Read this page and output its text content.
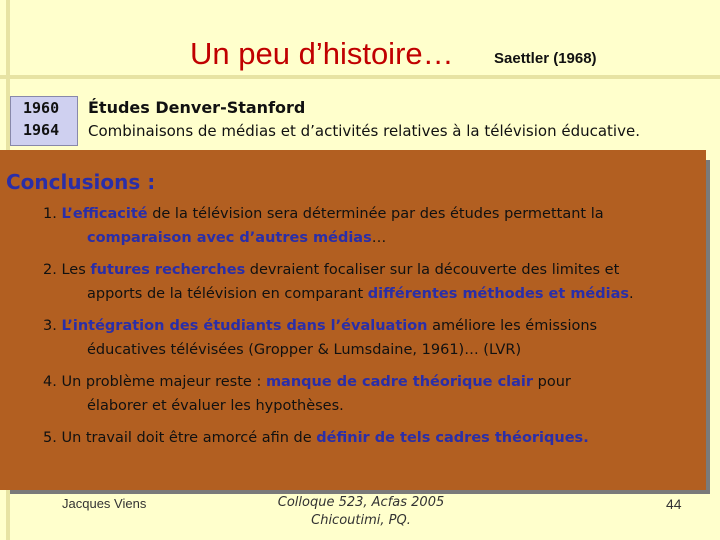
Un peu d’histoire…	Saettler (1968)
1960
1964
Études Denver-Stanford
Combinaisons de médias et d’activités relatives à la télévision éducative.
Conclusions :
1. L’efficacité de la télévision sera déterminée par des études permettant la
comparaison avec d’autres médias…
2. Les futures recherches devraient focaliser sur la découverte des limites et
apports de la télévision en comparant différentes méthodes et médias.
3. L’intégration des étudiants dans l’évaluation améliore les émissions
éducatives télévisées (Gropper & Lumsdaine, 1961)… (LVR)
4. Un problème majeur reste : manque de cadre théorique clair pour
élaborer et évaluer les hypothèses.
5. Un travail doit être amorcé afin de définir de tels cadres théoriques.
Jacques Viens	Colloque 523, Acfas 2005
Chicoutimi, PQ.
44
